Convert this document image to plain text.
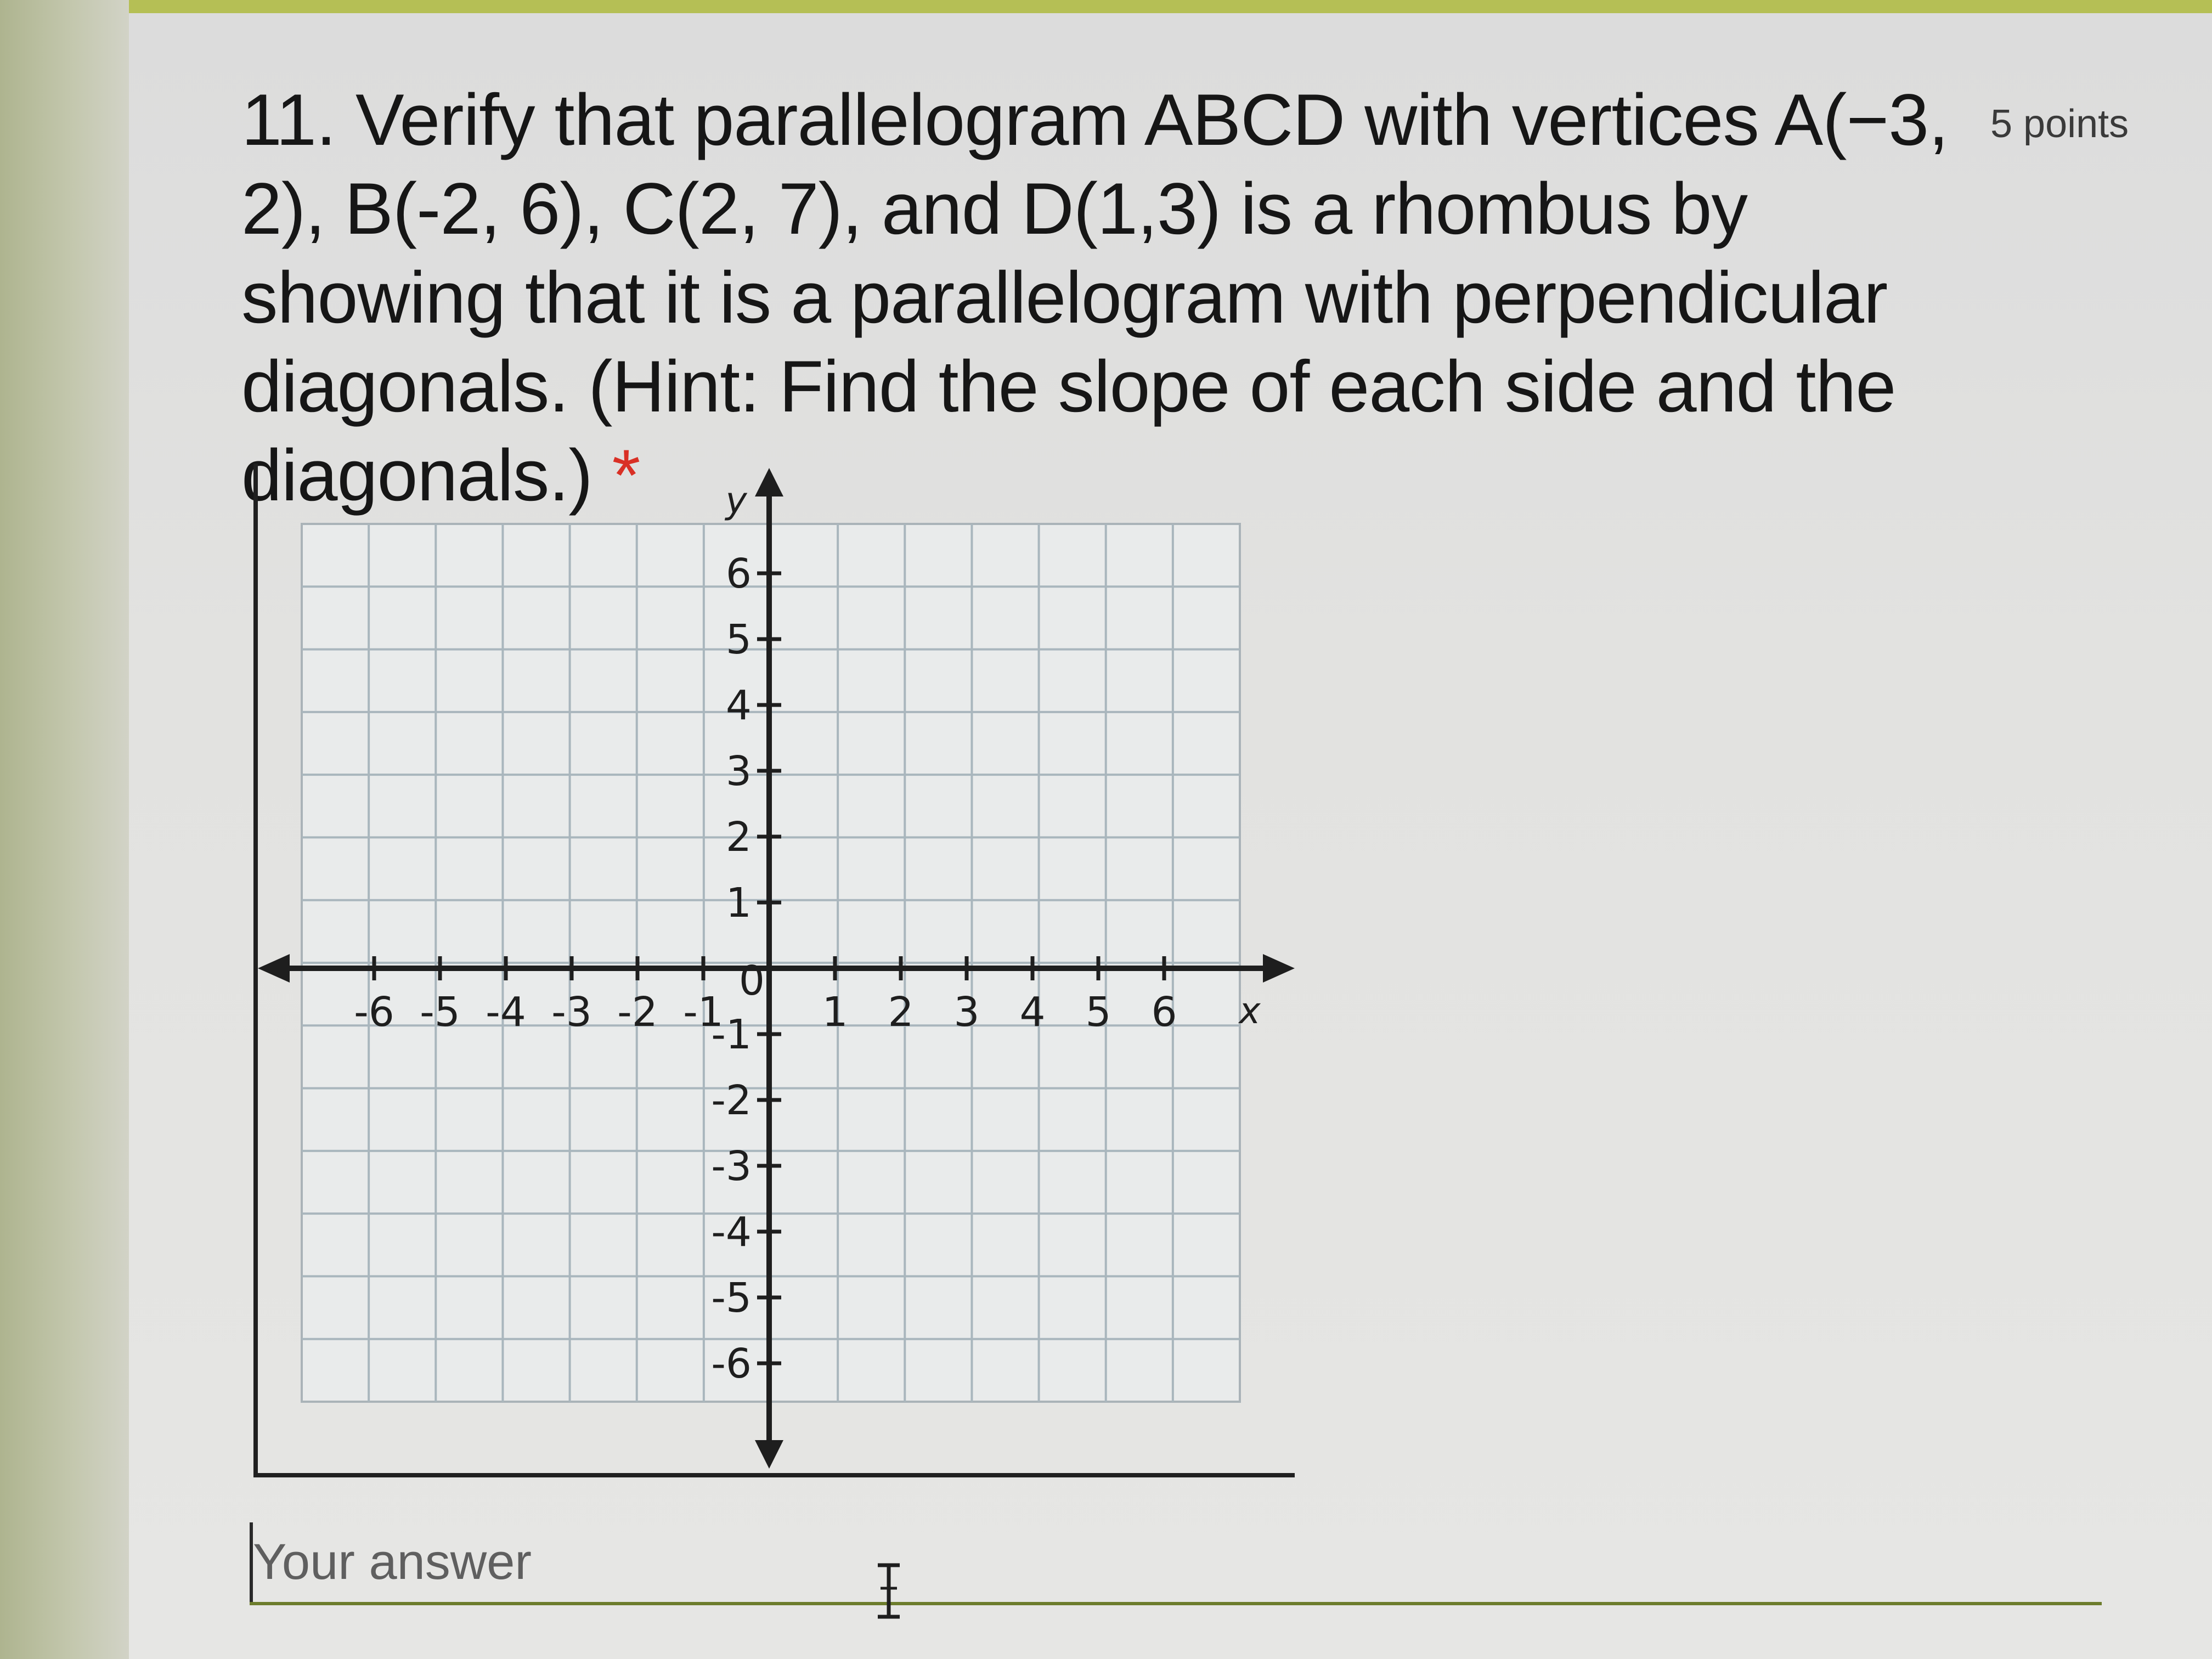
11. Verify that parallelogram ABCD with vertices A(−3, 2), B(-2, 6), C(2, 7), and D(1,3) is a rhombus by showing that it is a parallelogram with perpendicular diagonals. (Hint: Find the slope of each side and the diagonals.) *

5 points
-6 -5 -4 -3 -2 -1 1 2 3 4 5 6
6
5
4
3
2
1
-1
-2
-3
-4
-5
-6
0
x
y
Your answer
